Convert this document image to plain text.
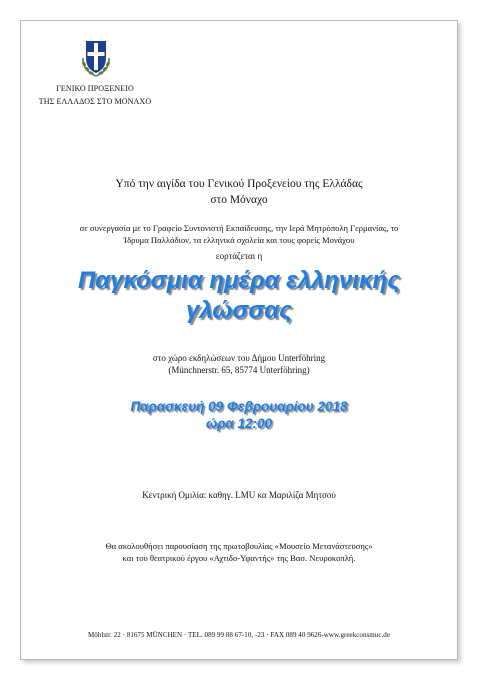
ΓΕΝΙΚΟ ΠΡΟΞΕΝΕΙΟ
ΤΗΣ ΕΛΛΑΔΟΣ ΣΤΟ ΜΟΝΑΧΟ
Υπό την αιγίδα του Γενικού Προξενείου της Ελλάδας
στο Μόναχο
σε συνεργασία με το Γραφείο Συντονιστή Εκπαίδευσης, την Ιερά Μητρόπολη Γερμανίας, το
Ίδρυμα Παλλάδιον, τα ελληνικά σχολεία και τους φορείς Μονάχου
εορτάζεται η
Παγκόσμια ημέρα ελληνικής
γλώσσας
στο χώρο εκδηλώσεων του Δήμου Unterföhring
(Münchnerstr. 65, 85774 Unterföhring)
Παρασκευή 09 Φεβρουαρίου 2018
ώρα 12:00
Κεντρική Ομιλία: καθηγ. LMU κα Μαριλίζα Μητσού
Θα ακολουθήσει παρουσίαση της πρωτοβουλίας «Μουσείο Μετανάστευσης»
και του θεατρικού έργου «Αχτιδο-Υφαντής» της Βασ. Νευροκοπλή.
Möhlstr. 22 · 81675 MÜNCHEN · TEL. 089 99 88 67-10, -23 · FAX 089 40 9626-www.greekconsmuc.de
